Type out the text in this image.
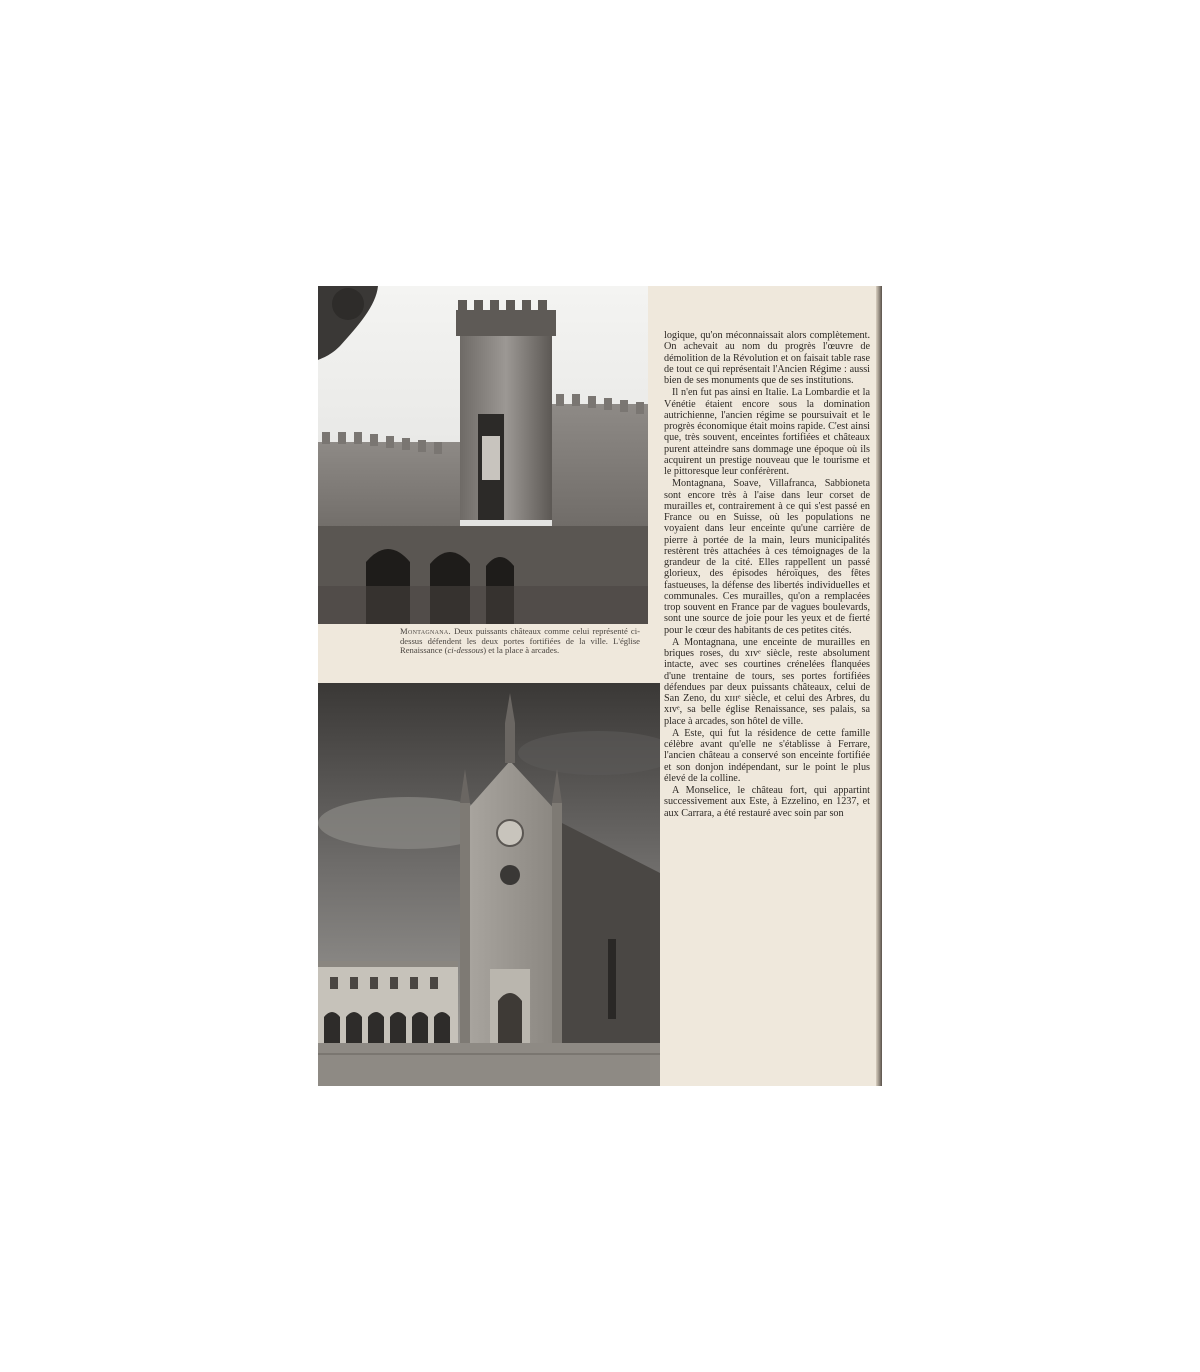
Montagnana. Deux puissants châteaux comme celui représenté ci-dessus défendent les deux portes fortifiées de la ville. L'église Renaissance (ci-dessous) et la place à arcades.

logique, qu'on méconnaissait alors complètement. On achevait au nom du progrès l'œuvre de démolition de la Révolution et on faisait table rase de tout ce qui représentait l'Ancien Régime : aussi bien de ses monuments que de ses institutions.

Il n'en fut pas ainsi en Italie. La Lombardie et la Vénétie étaient encore sous la domination autrichienne, l'ancien régime se poursuivait et le progrès économique était moins rapide. C'est ainsi que, très souvent, enceintes fortifiées et châteaux purent atteindre sans dommage une époque où ils acquirent un prestige nouveau que le tourisme et le pittoresque leur conférèrent.

Montagnana, Soave, Villafranca, Sabbioneta sont encore très à l'aise dans leur corset de murailles et, contrairement à ce qui s'est passé en France ou en Suisse, où les populations ne voyaient dans leur enceinte qu'une carrière de pierre à portée de la main, leurs municipalités restèrent très attachées à ces témoignages de la grandeur de la cité. Elles rappellent un passé glorieux, des épisodes héroïques, des fêtes fastueuses, la défense des libertés individuelles et communales. Ces murailles, qu'on a remplacées trop souvent en France par de vagues boulevards, sont une source de joie pour les yeux et de fierté pour le cœur des habitants de ces petites cités.

A Montagnana, une enceinte de murailles en briques roses, du xɪvᵉ siècle, reste absolument intacte, avec ses courtines crénelées flanquées d'une trentaine de tours, ses portes fortifiées défendues par deux puissants châteaux, celui de San Zeno, du xɪɪɪᵉ siècle, et celui des Arbres, du xɪvᵉ, sa belle église Renaissance, ses palais, sa place à arcades, son hôtel de ville.

A Este, qui fut la résidence de cette famille célèbre avant qu'elle ne s'établisse à Ferrare, l'ancien château a conservé son enceinte fortifiée et son donjon indépendant, sur le point le plus élevé de la colline.

A Monselice, le château fort, qui appartint successivement aux Este, à Ezzelino, en 1237, et aux Carrara, a été restauré avec soin par son
